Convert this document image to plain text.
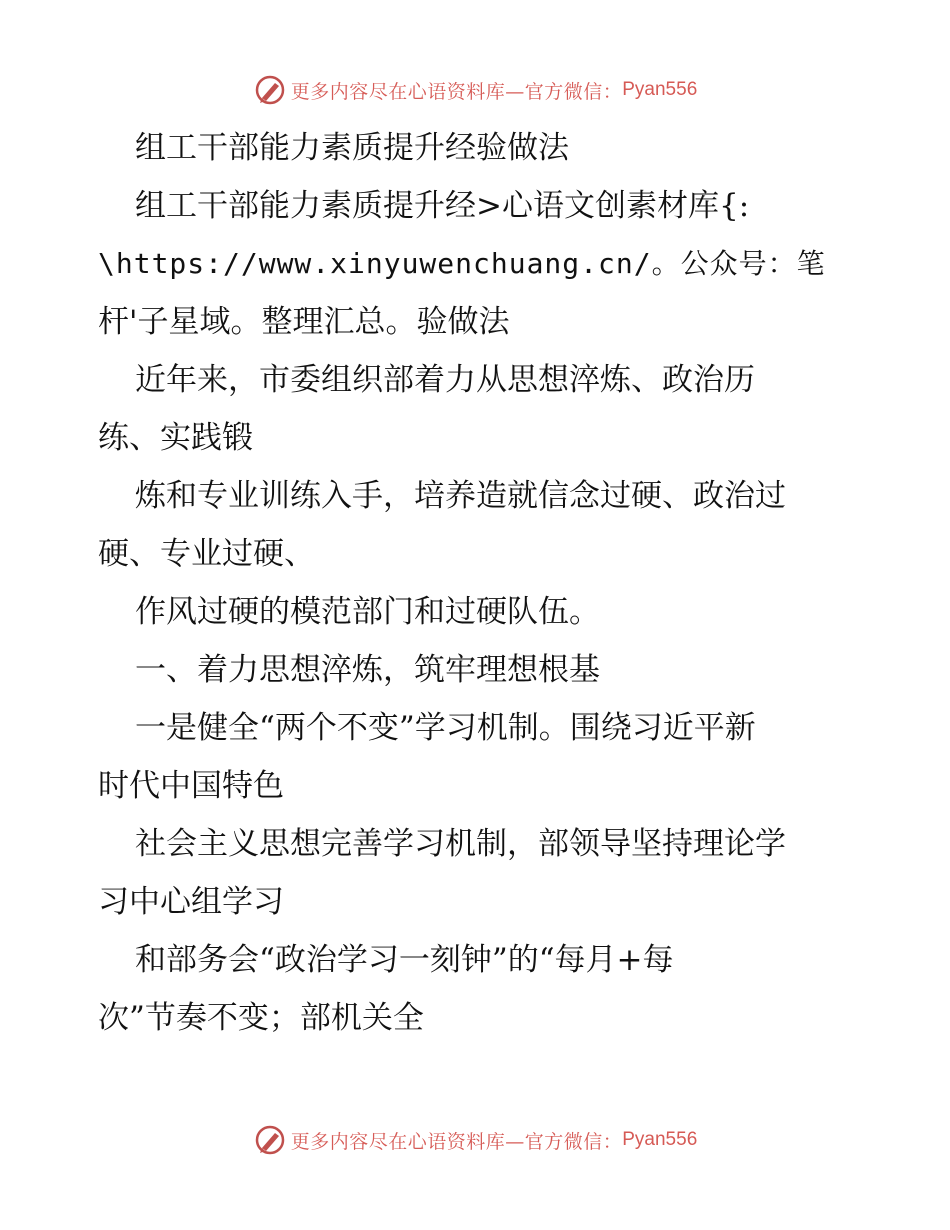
更多内容尽在心语资料库—官方微信： Pyan556
组工干部能力素质提升经验做法
组工干部能力素质提升经>心语文创素材库{:
\https://www.xinyuwenchuang.cn/。公众号：笔
杆'子星域。整理汇总。验做法
近年来，市委组织部着力从思想淬炼、政治历
练、实践锻
炼和专业训练入手，培养造就信念过硬、政治过
硬、专业过硬、
作风过硬的模范部门和过硬队伍。
一、着力思想淬炼，筑牢理想根基
一是健全“两个不变”学习机制。围绕习近平新
时代中国特色
社会主义思想完善学习机制，部领导坚持理论学
习中心组学习
和部务会“政治学习一刻钟”的“每月+每
次”节奏不变；部机关全
更多内容尽在心语资料库—官方微信： Pyan556
